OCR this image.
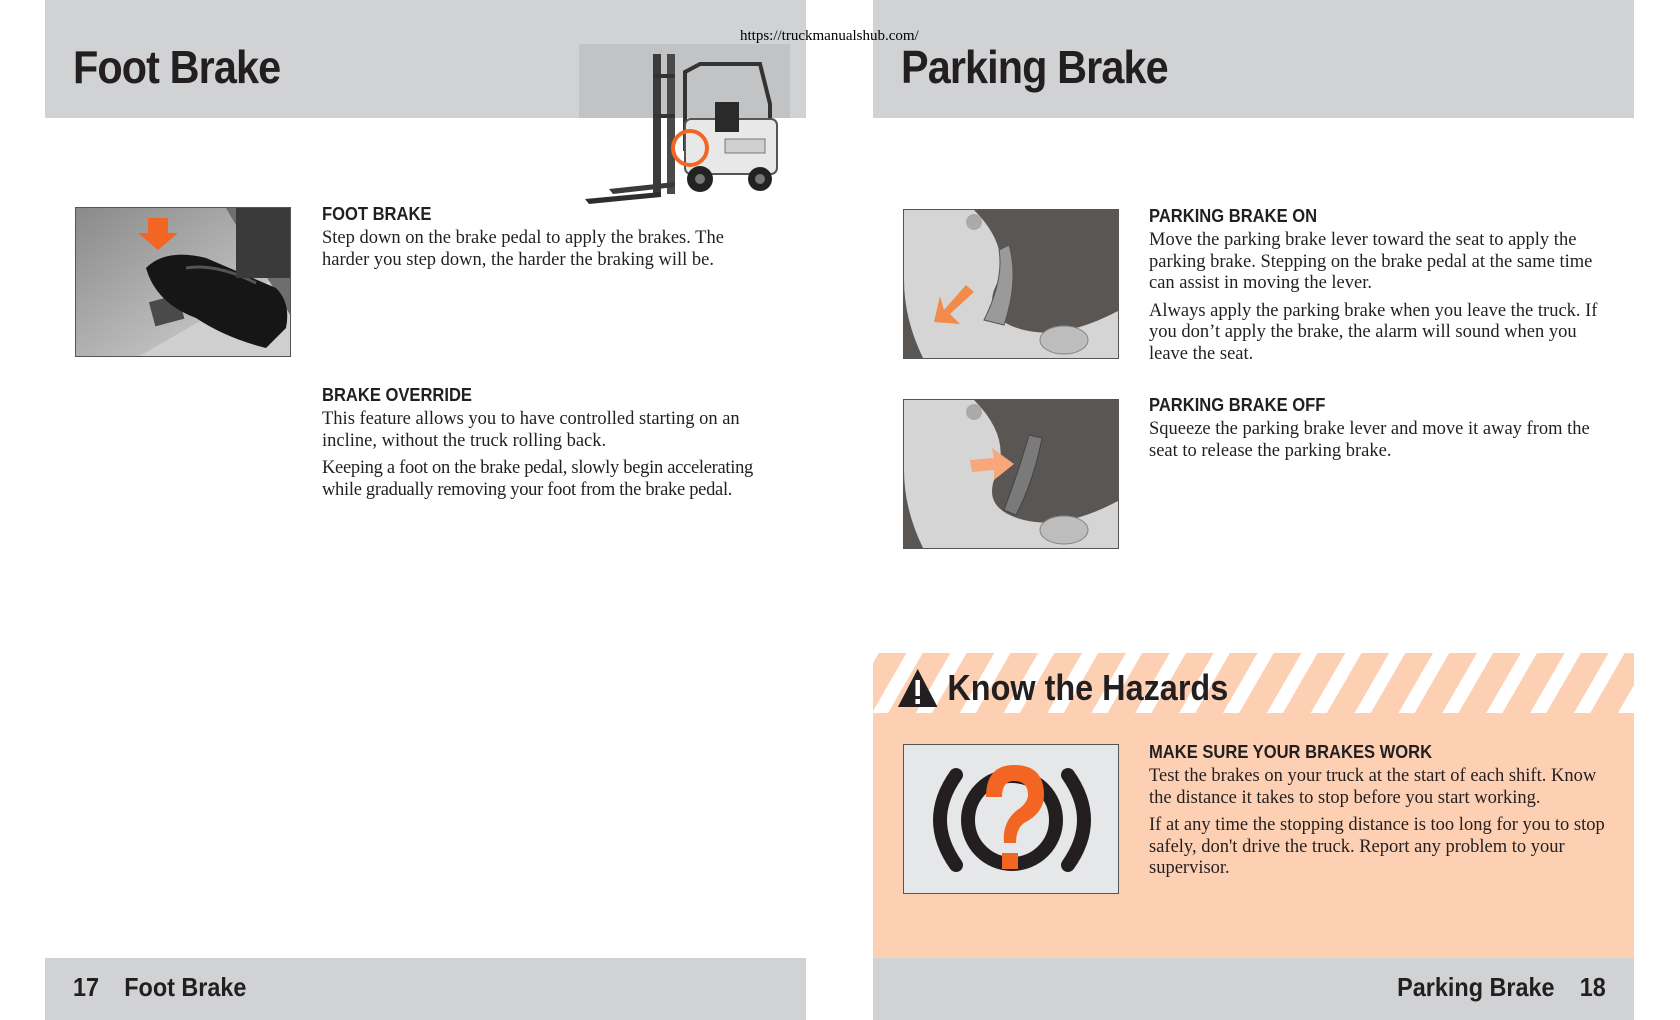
Foot Brake
FOOT BRAKE

Step down on the brake pedal to apply the brakes. The harder you step down, the harder the braking will be.

BRAKE OVERRIDE

This feature allows you to have controlled starting on an incline, without the truck rolling back.

Keeping a foot on the brake pedal, slowly begin accelerating while gradually removing your foot from the brake pedal.

17 Foot Brake
Parking Brake
PARKING BRAKE ON

Move the parking brake lever toward the seat to apply the parking brake. Stepping on the brake pedal at the same time can assist in moving the lever.

Always apply the parking brake when you leave the truck. If you don’t apply the brake, the alarm will sound when you leave the seat.

PARKING BRAKE OFF

Squeeze the parking brake lever and move it away from the seat to release the parking brake.

Know the Hazards
MAKE SURE YOUR BRAKES WORK

Test the brakes on your truck at the start of each shift. Know the distance it takes to stop before you start working.

If at any time the stopping distance is too long for you to stop safely, don't drive the truck. Report any problem to your supervisor.

Parking Brake 18
https://truckmanualshub.com/
